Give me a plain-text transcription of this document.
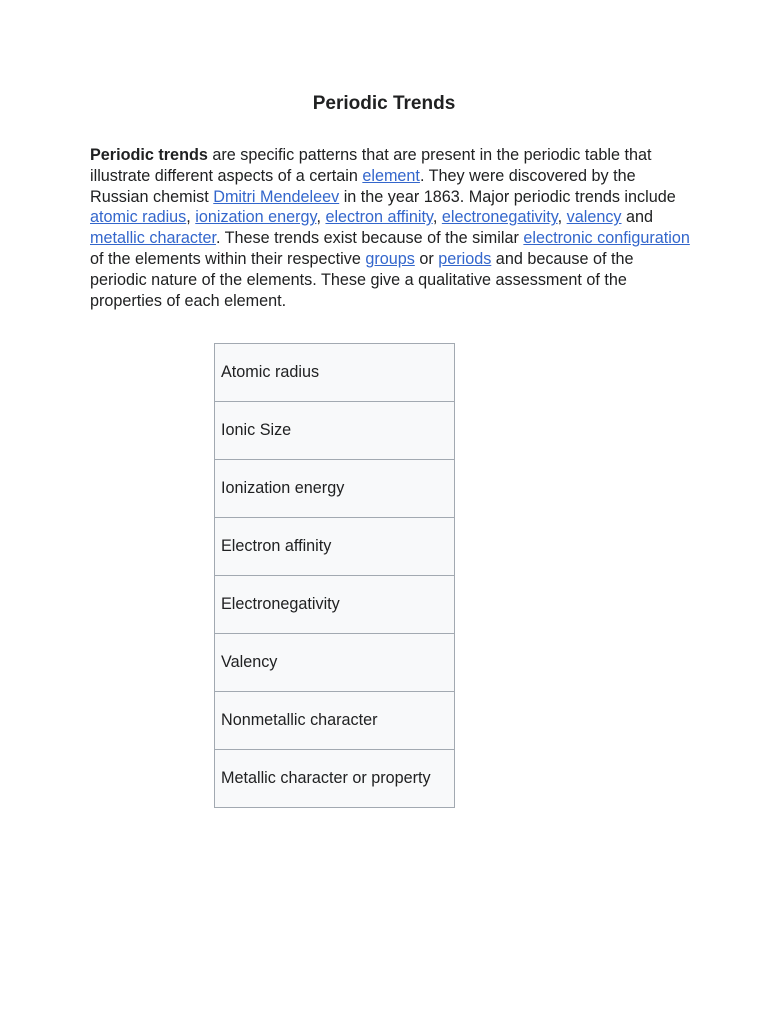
Periodic Trends

Periodic trends are specific patterns that are present in the periodic table that illustrate different aspects of a certain element. They were discovered by the Russian chemist Dmitri Mendeleev in the year 1863. Major periodic trends include atomic radius, ionization energy, electron affinity, electronegativity, valency and metallic character. These trends exist because of the similar electronic configuration of the elements within their respective groups or periods and because of the periodic nature of the elements. These give a qualitative assessment of the properties of each element.

Atomic radius
Ionic Size
Ionization energy
Electron affinity
Electronegativity
Valency
Nonmetallic character
Metallic character or property
